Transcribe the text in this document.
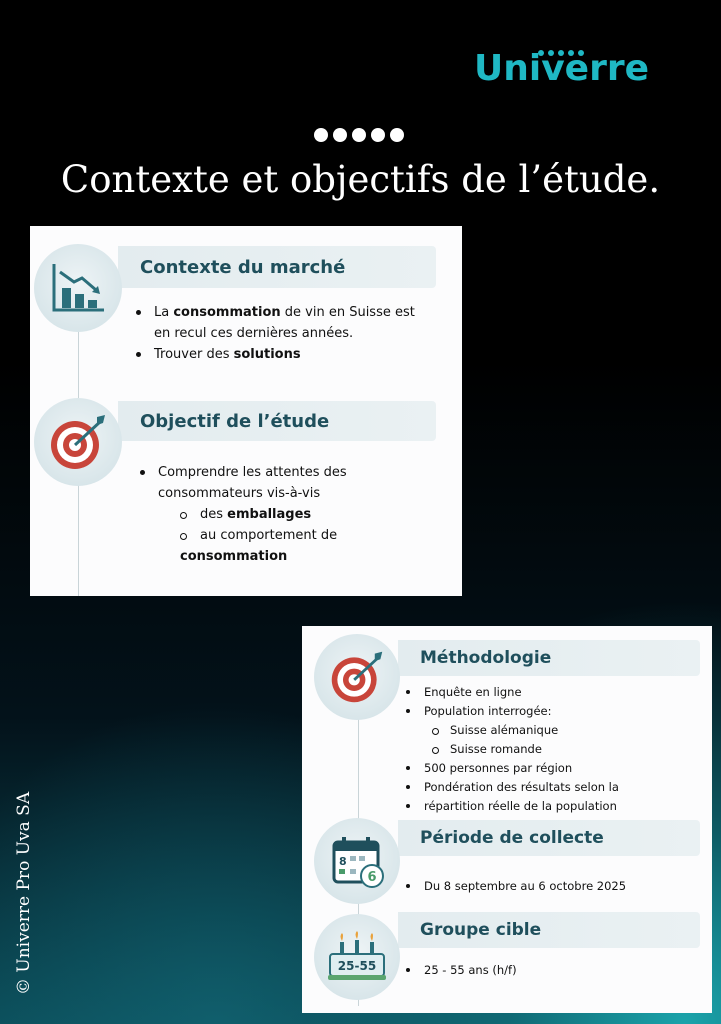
Univerre
Contexte et objectifs de l’étude.
© Univerre Pro Uva SA
Contexte du marché
La consommation de vin en Suisse est
en recul ces dernières années.
Trouver des solutions
Objectif de l’étude
Comprendre les attentes des
consommateurs vis-à-vis
des emballages
au comportement de
consommation
Méthodologie
Enquête en ligne
Population interrogée:
Suisse alémanique
Suisse romande
500 personnes par région
Pondération des résultats selon la
répartition réelle de la population
Période de collecte
8
6
Du 8 septembre au 6 octobre 2025
Groupe cible
25-55	25 - 55 ans (h/f)
